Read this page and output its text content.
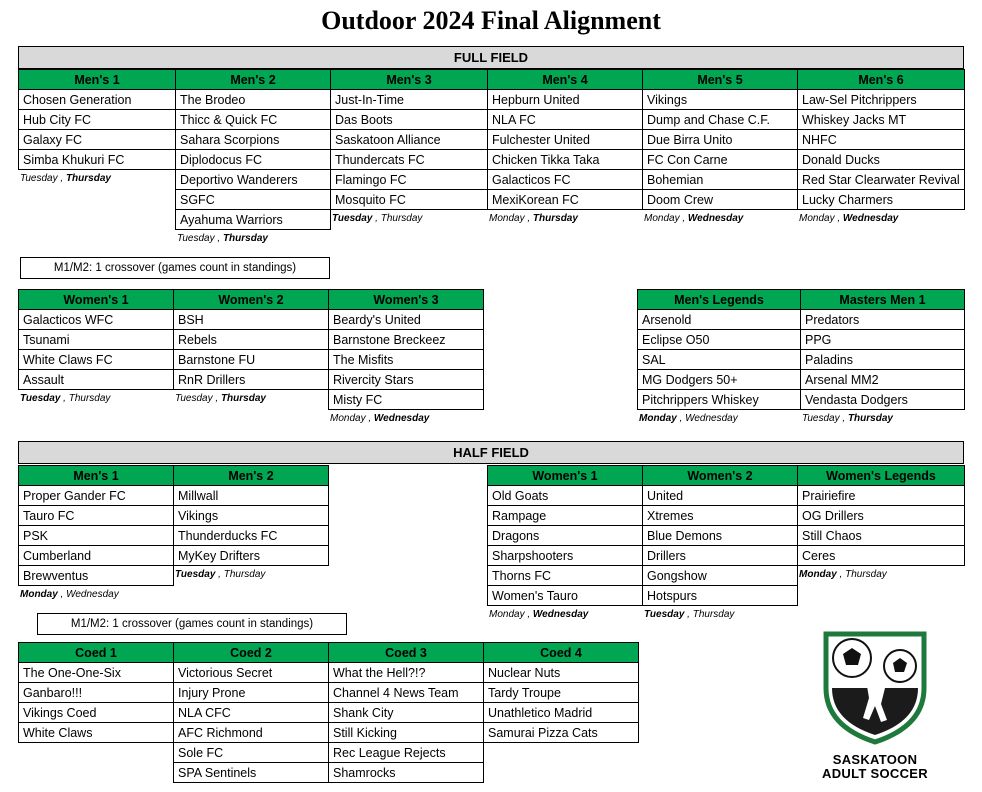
Outdoor 2024 Final Alignment
FULL FIELD
Men's 1	Men's 2	Men's 3	Men's 4	Men's 5	Men's 6
Chosen Generation	The Brodeo	Just-In-Time	Hepburn United	Vikings	Law-Sel Pitchrippers
Hub City FC	Thicc & Quick FC	Das Boots	NLA FC	Dump and Chase C.F.	Whiskey Jacks MT
Galaxy FC	Sahara Scorpions	Saskatoon Alliance	Fulchester United	Due Birra Unito	NHFC
Simba Khukuri FC	Diplodocus FC	Thundercats FC	Chicken Tikka Taka	FC Con Carne	Donald Ducks
	Deportivo Wanderers	Flamingo FC	Galacticos FC	Bohemian	Red Star Clearwater Revival
	SGFC	Mosquito FC	MexiKorean FC	Doom Crew	Lucky Charmers
	Ayahuma Warriors				
Tuesday , Thursday
Tuesday , Thursday
Tuesday , Thursday	Monday , Thursday	Monday , Wednesday	Monday , Wednesday
M1/M2: 1 crossover (games count in standings)
Women's 1	Women's 2	Women's 3
Galacticos WFC	BSH	Beardy's United
Tsunami	Rebels	Barnstone Breckeez
White Claws FC	Barnstone FU	The Misfits
Assault	RnR Drillers	Rivercity Stars
		Misty FC
Tuesday , Thursday	Tuesday , Thursday
Monday , Wednesday
Men's Legends	Masters Men 1
Arsenold	Predators
Eclipse O50	PPG
SAL	Paladins
MG Dodgers 50+	Arsenal MM2
Pitchrippers Whiskey	Vendasta Dodgers
Monday , Wednesday	Tuesday , Thursday
HALF FIELD
Men's 1	Men's 2
Proper Gander FC	Millwall
Tauro FC	Vikings
PSK	Thunderducks FC
Cumberland	MyKey Drifters
Brewventus	
Monday , Wednesday
Tuesday , Thursday
Women's 1	Women's 2	Women's Legends
Old Goats	United	Prairiefire
Rampage	Xtremes	OG Drillers
Dragons	Blue Demons	Still Chaos
Sharpshooters	Drillers	Ceres
Thorns FC	Gongshow	
Women's Tauro	Hotspurs	
Monday , Wednesday	Tuesday , Thursday
Monday , Thursday
M1/M2: 1 crossover (games count in standings)
Coed 1	Coed 2	Coed 3	Coed 4
The One-One-Six	Victorious Secret	What the Hell?!?	Nuclear Nuts
Ganbaro!!!	Injury Prone	Channel 4 News Team	Tardy Troupe
Vikings Coed	NLA CFC	Shank City	Unathletico Madrid
White Claws	AFC Richmond	Still Kicking	Samurai Pizza Cats
	Sole FC	Rec League Rejects	
	SPA Sentinels	Shamrocks	
SASKATOON
ADULT SOCCER
